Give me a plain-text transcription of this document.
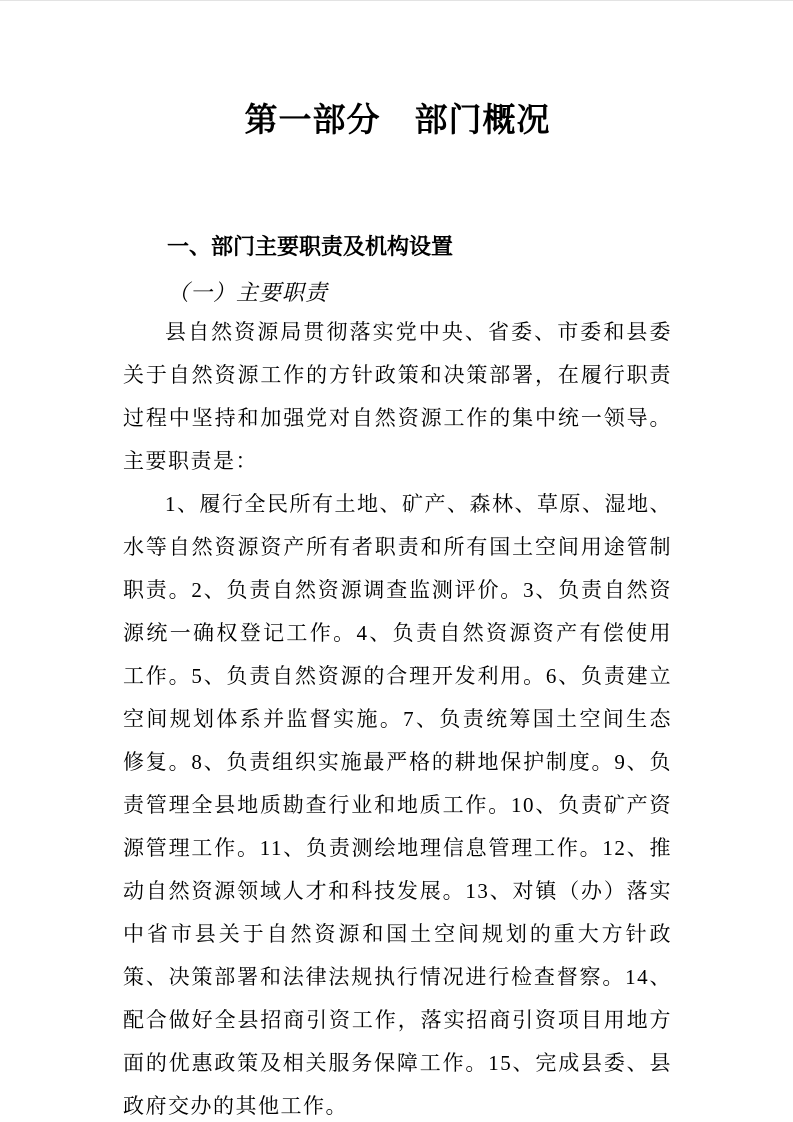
第一部分　部门概况
一、部门主要职责及机构设置
（一）主要职责

县自然资源局贯彻落实党中央、省委、市委和县委关于自然资源工作的方针政策和决策部署，在履行职责过程中坚持和加强党对自然资源工作的集中统一领导。主要职责是：

1、履行全民所有土地、矿产、森林、草原、湿地、水等自然资源资产所有者职责和所有国土空间用途管制职责。2、负责自然资源调查监测评价。3、负责自然资源统一确权登记工作。4、负责自然资源资产有偿使用工作。5、负责自然资源的合理开发利用。6、负责建立空间规划体系并监督实施。7、负责统筹国土空间生态修复。8、负责组织实施最严格的耕地保护制度。9、负责管理全县地质勘查行业和地质工作。10、负责矿产资源管理工作。11、负责测绘地理信息管理工作。12、推动自然资源领域人才和科技发展。13、对镇（办）落实中省市县关于自然资源和国土空间规划的重大方针政策、决策部署和法律法规执行情况进行检查督察。14、配合做好全县招商引资工作，落实招商引资项目用地方面的优惠政策及相关服务保障工作。15、完成县委、县政府交办的其他工作。
